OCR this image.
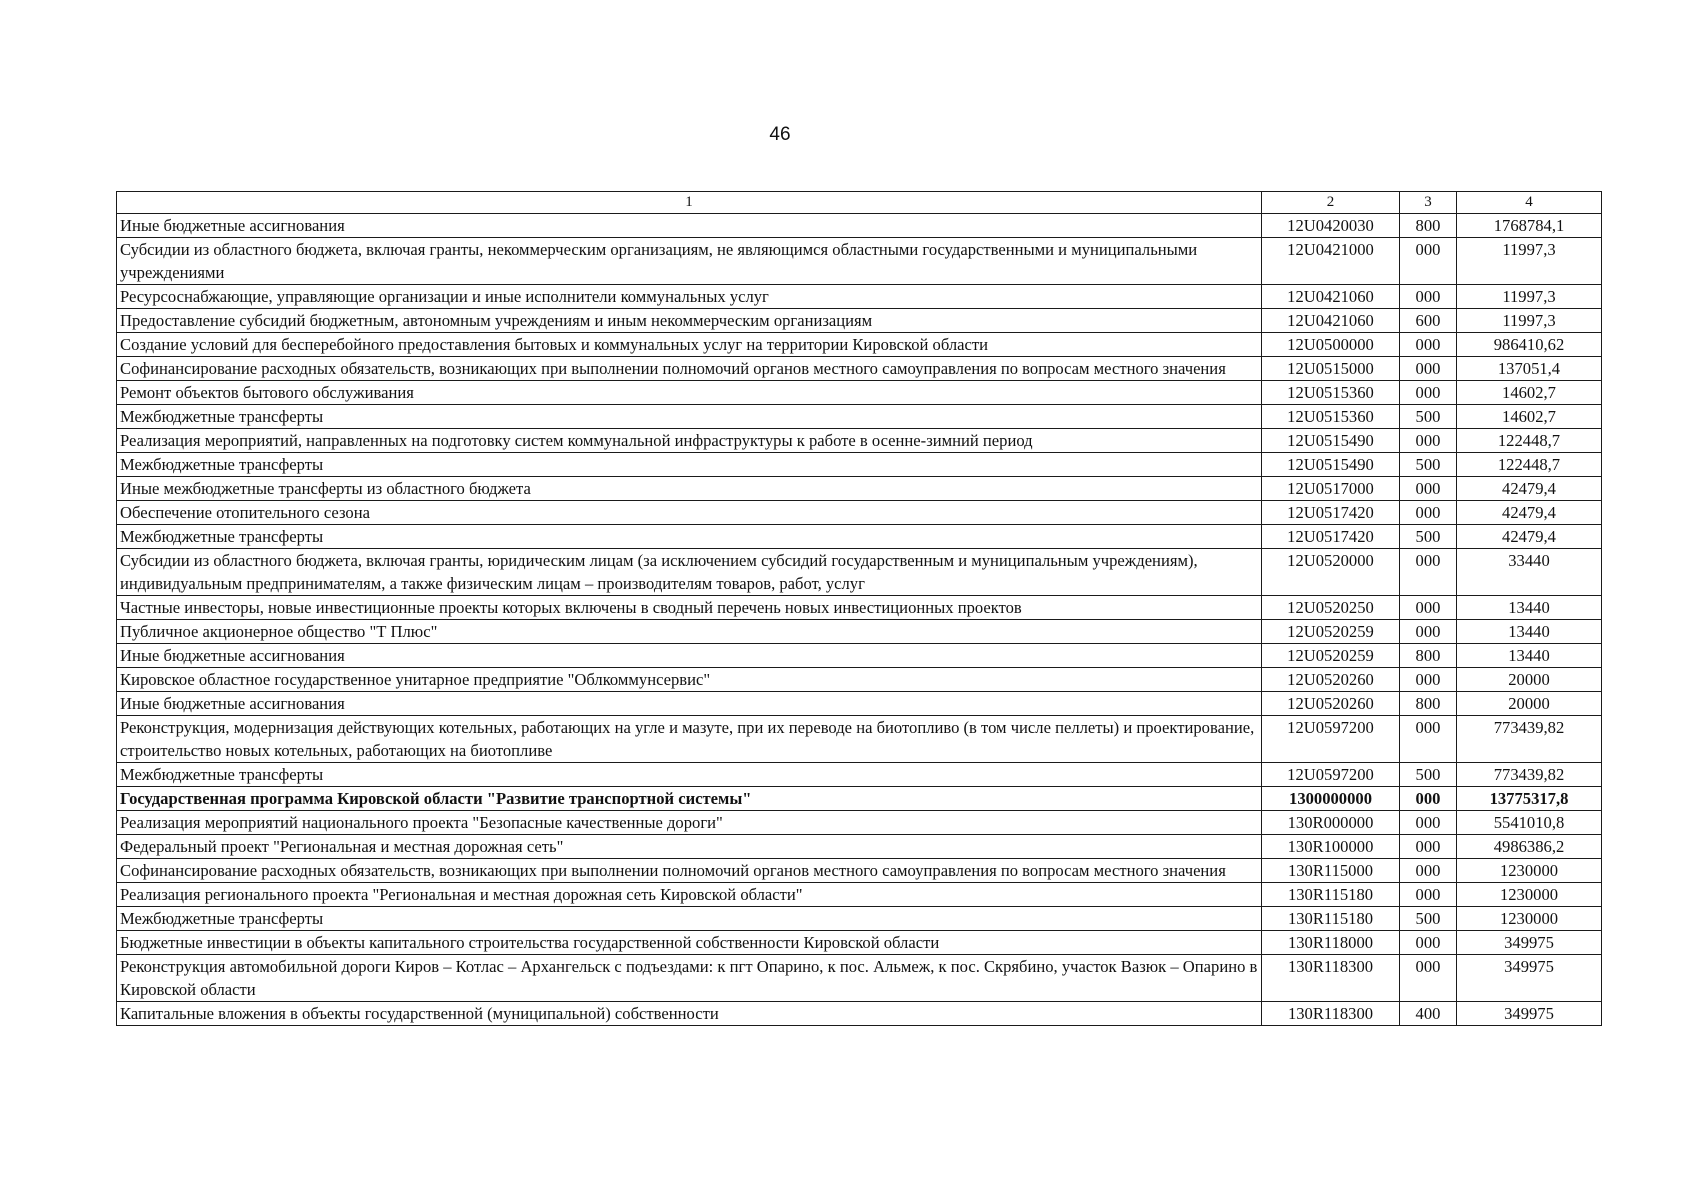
46
1	2	3	4
Иные бюджетные ассигнования	12U0420030	800	1768784,1
Субсидии из областного бюджета, включая гранты, некоммерческим организациям, не являющимся областными государственными и муниципальными учреждениями	12U0421000	000	11997,3
Ресурсоснабжающие, управляющие организации и иные исполнители коммунальных услуг	12U0421060	000	11997,3
Предоставление субсидий бюджетным, автономным учреждениям и иным некоммерческим организациям	12U0421060	600	11997,3
Создание условий для бесперебойного предоставления бытовых и коммунальных услуг на территории Кировской области	12U0500000	000	986410,62
Софинансирование расходных обязательств, возникающих при выполнении полномочий органов местного самоуправления по вопросам местного значения	12U0515000	000	137051,4
Ремонт объектов бытового обслуживания	12U0515360	000	14602,7
Межбюджетные трансферты	12U0515360	500	14602,7
Реализация мероприятий, направленных на подготовку систем коммунальной инфраструктуры к работе в осенне-зимний период	12U0515490	000	122448,7
Межбюджетные трансферты	12U0515490	500	122448,7
Иные межбюджетные трансферты из областного бюджета	12U0517000	000	42479,4
Обеспечение отопительного сезона	12U0517420	000	42479,4
Межбюджетные трансферты	12U0517420	500	42479,4
Субсидии из областного бюджета, включая гранты, юридическим лицам (за исключением субсидий государственным и муниципальным учреждениям), индивидуальным предпринимателям, а также физическим лицам – производителям товаров, работ, услуг	12U0520000	000	33440
Частные инвесторы, новые инвестиционные проекты которых включены в сводный перечень новых инвестиционных проектов	12U0520250	000	13440
Публичное акционерное общество "Т Плюс"	12U0520259	000	13440
Иные бюджетные ассигнования	12U0520259	800	13440
Кировское областное государственное унитарное предприятие "Облкоммунсервис"	12U0520260	000	20000
Иные бюджетные ассигнования	12U0520260	800	20000
Реконструкция, модернизация действующих котельных, работающих на угле и мазуте, при их переводе на биотопливо (в том числе пеллеты) и проектирование, строительство новых котельных, работающих на биотопливе	12U0597200	000	773439,82
Межбюджетные трансферты	12U0597200	500	773439,82
Государственная программа Кировской области "Развитие транспортной системы"	1300000000	000	13775317,8
Реализация мероприятий национального проекта "Безопасные качественные дороги"	130R000000	000	5541010,8
Федеральный проект "Региональная и местная дорожная сеть"	130R100000	000	4986386,2
Софинансирование расходных обязательств, возникающих при выполнении полномочий органов местного самоуправления по вопросам местного значения	130R115000	000	1230000
Реализация регионального проекта "Региональная и местная дорожная сеть Кировской области"	130R115180	000	1230000
Межбюджетные трансферты	130R115180	500	1230000
Бюджетные инвестиции в объекты капитального строительства государственной собственности Кировской области	130R118000	000	349975
Реконструкция автомобильной дороги Киров – Котлас – Архангельск с подъездами: к пгт Опарино, к пос. Альмеж, к пос. Скрябино, участок Вазюк – Опарино в Кировской области	130R118300	000	349975
Капитальные вложения в объекты государственной (муниципальной) собственности	130R118300	400	349975
